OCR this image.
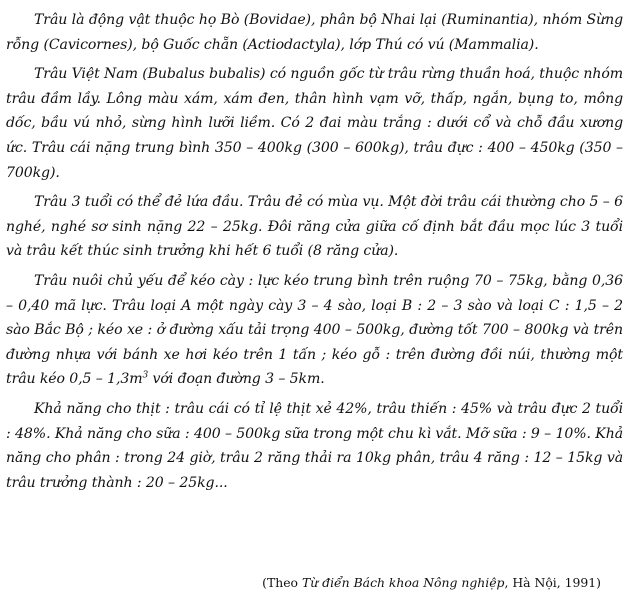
Trâu là động vật thuộc họ Bò (Bovidae), phân bộ Nhai lại (Ruminantia), nhóm Sừng rỗng (Cavicornes), bộ Guốc chẵn (Actiodactyla), lớp Thú có vú (Mammalia).

Trâu Việt Nam (Bubalus bubalis) có nguồn gốc từ trâu rừng thuần hoá, thuộc nhóm trâu đầm lầy. Lông màu xám, xám đen, thân hình vạm vỡ, thấp, ngắn, bụng to, mông dốc, bầu vú nhỏ, sừng hình lưỡi liềm. Có 2 đai màu trắng : dưới cổ và chỗ đầu xương ức. Trâu cái nặng trung bình 350 – 400kg (300 – 600kg), trâu đực : 400 – 450kg (350 – 700kg).

Trâu 3 tuổi có thể đẻ lứa đầu. Trâu đẻ có mùa vụ. Một đời trâu cái thường cho 5 – 6 nghé, nghé sơ sinh nặng 22 – 25kg. Đôi răng cửa giữa cố định bắt đầu mọc lúc 3 tuổi và trâu kết thúc sinh trưởng khi hết 6 tuổi (8 răng cửa).

Trâu nuôi chủ yếu để kéo cày : lực kéo trung bình trên ruộng 70 – 75kg, bằng 0,36 – 0,40 mã lực. Trâu loại A một ngày cày 3 – 4 sào, loại B : 2 – 3 sào và loại C : 1,5 – 2 sào Bắc Bộ ; kéo xe : ở đường xấu tải trọng 400 – 500kg, đường tốt 700 – 800kg và trên đường nhựa với bánh xe hơi kéo trên 1 tấn ; kéo gỗ : trên đường đồi núi, thường một trâu kéo $0,5 - 1,3m^3$ với đoạn đường 3 – 5km.

Khả năng cho thịt : trâu cái có tỉ lệ thịt xẻ 42%, trâu thiến : 45% và trâu đực 2 tuổi : 48%. Khả năng cho sữa : 400 – 500kg sữa trong một chu kì vắt. Mỡ sữa : 9 – 10%. Khả năng cho phân : trong 24 giờ, trâu 2 răng thải ra 10kg phân, trâu 4 răng : 12 – 15kg và trâu trưởng thành : 20 – 25kg...

(Theo Từ điển Bách khoa Nông nghiệp, Hà Nội, 1991)
